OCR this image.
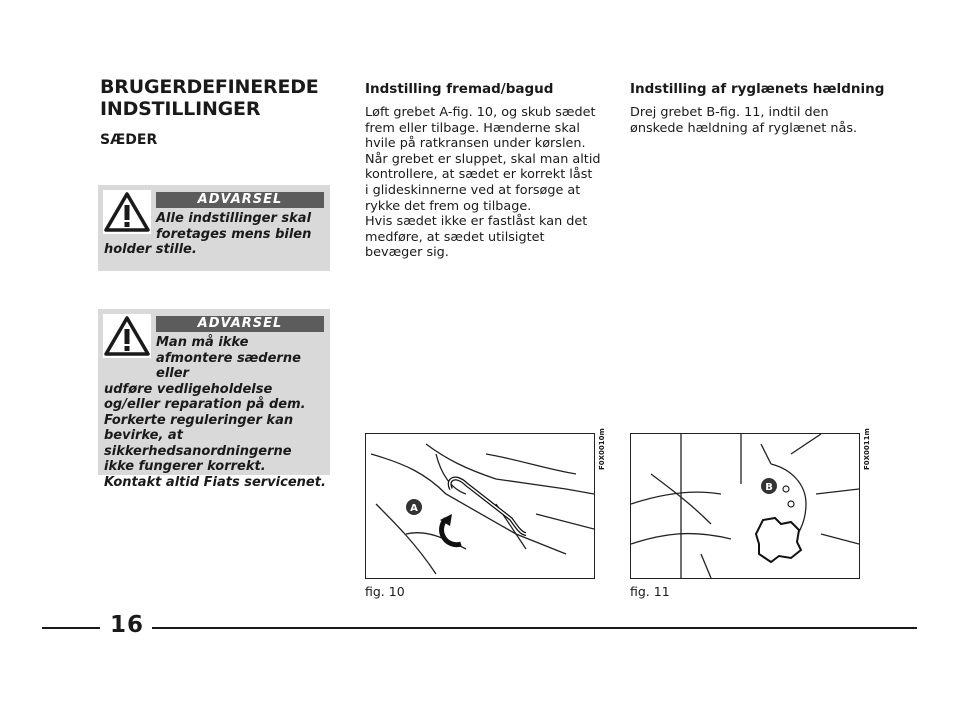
BRUGERDEFINEREDE
INDSTILLINGER
SÆDER
ADVARSEL
Alle indstillinger skal
foretages mens bilen
holder stille.
ADVARSEL
Man må ikke
afmontere sæderne eller
udføre vedligeholdelse og/eller reparation på dem. Forkerte reguleringer kan bevirke, at sikkerhedsanordningerne ikke fungerer korrekt. Kontakt altid Fiats servicenet.
Indstilling fremad/bagud
Løft grebet A-fig. 10, og skub sædet
frem eller tilbage. Hænderne skal
hvile på ratkransen under kørslen.
Når grebet er sluppet, skal man altid
kontrollere, at sædet er korrekt låst
i glideskinnerne ved at forsøge at
rykke det frem og tilbage.
Hvis sædet ikke er fastlåst kan det
medføre, at sædet utilsigtet
bevæger sig.
A
F0X0010m
fig. 10
Indstilling af ryglænets hældning
Drej grebet B-fig. 11, indtil den
ønskede hældning af ryglænet nås.
B
F0X0011m
fig. 11
16
